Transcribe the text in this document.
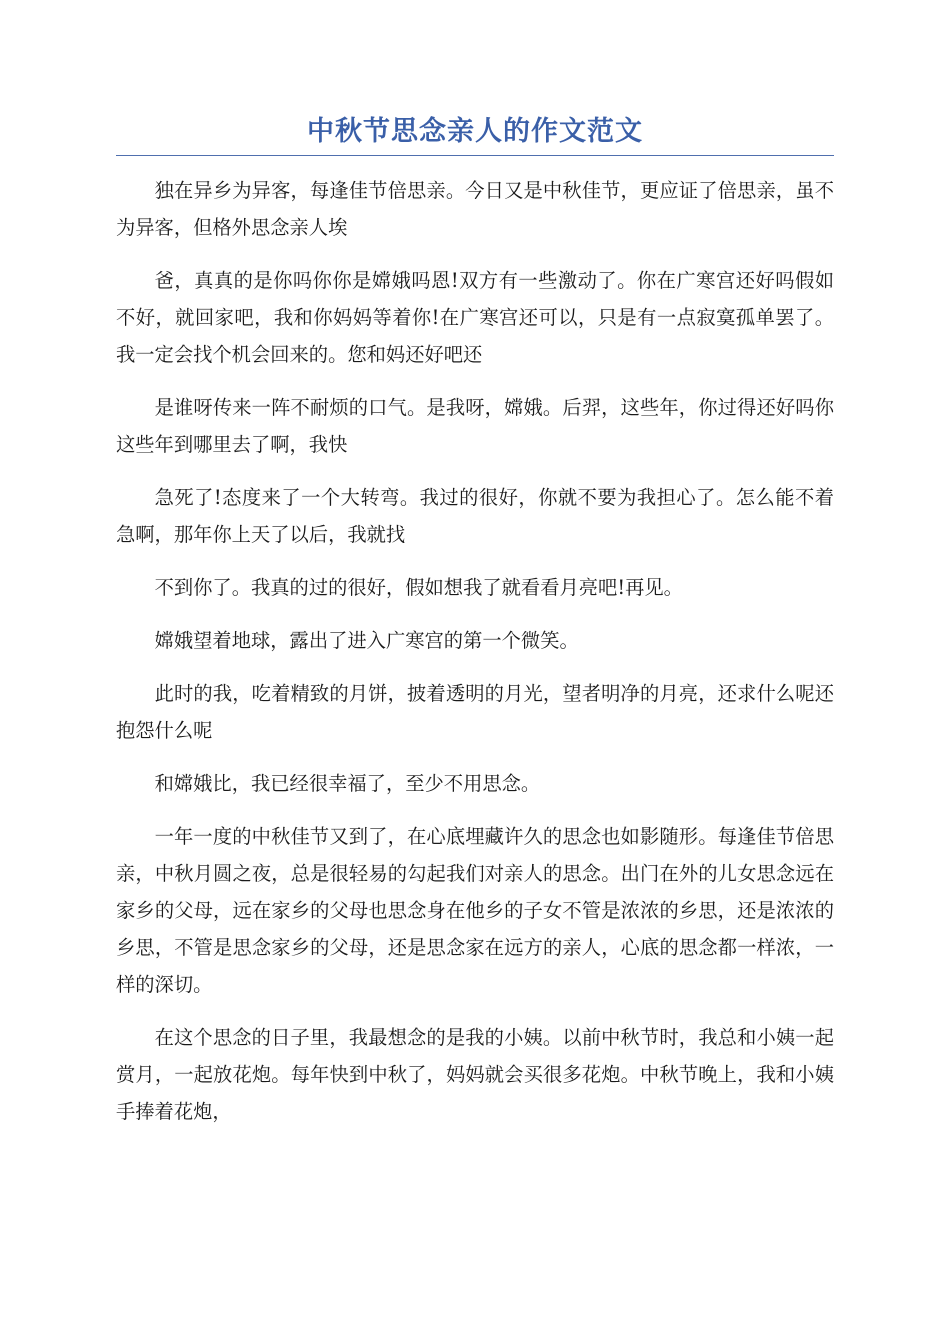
中秋节思念亲人的作文范文

独在异乡为异客，每逢佳节倍思亲。今日又是中秋佳节，更应证了倍思亲，虽不为异客，但格外思念亲人埃

爸，真真的是你吗你你是嫦娥吗恩!双方有一些激动了。你在广寒宫还好吗假如不好，就回家吧，我和你妈妈等着你!在广寒宫还可以，只是有一点寂寞孤单罢了。我一定会找个机会回来的。您和妈还好吧还

是谁呀传来一阵不耐烦的口气。是我呀，嫦娥。后羿，这些年，你过得还好吗你这些年到哪里去了啊，我快

急死了!态度来了一个大转弯。我过的很好，你就不要为我担心了。怎么能不着急啊，那年你上天了以后，我就找

不到你了。我真的过的很好，假如想我了就看看月亮吧!再见。

嫦娥望着地球，露出了进入广寒宫的第一个微笑。

此时的我，吃着精致的月饼，披着透明的月光，望者明净的月亮，还求什么呢还抱怨什么呢

和嫦娥比，我已经很幸福了，至少不用思念。

一年一度的中秋佳节又到了，在心底埋藏许久的思念也如影随形。每逢佳节倍思亲，中秋月圆之夜，总是很轻易的勾起我们对亲人的思念。出门在外的儿女思念远在家乡的父母，远在家乡的父母也思念身在他乡的子女不管是浓浓的乡思，还是浓浓的乡思，不管是思念家乡的父母，还是思念家在远方的亲人，心底的思念都一样浓，一样的深切。

在这个思念的日子里，我最想念的是我的小姨。以前中秋节时，我总和小姨一起赏月，一起放花炮。每年快到中秋了，妈妈就会买很多花炮。中秋节晚上，我和小姨手捧着花炮，
